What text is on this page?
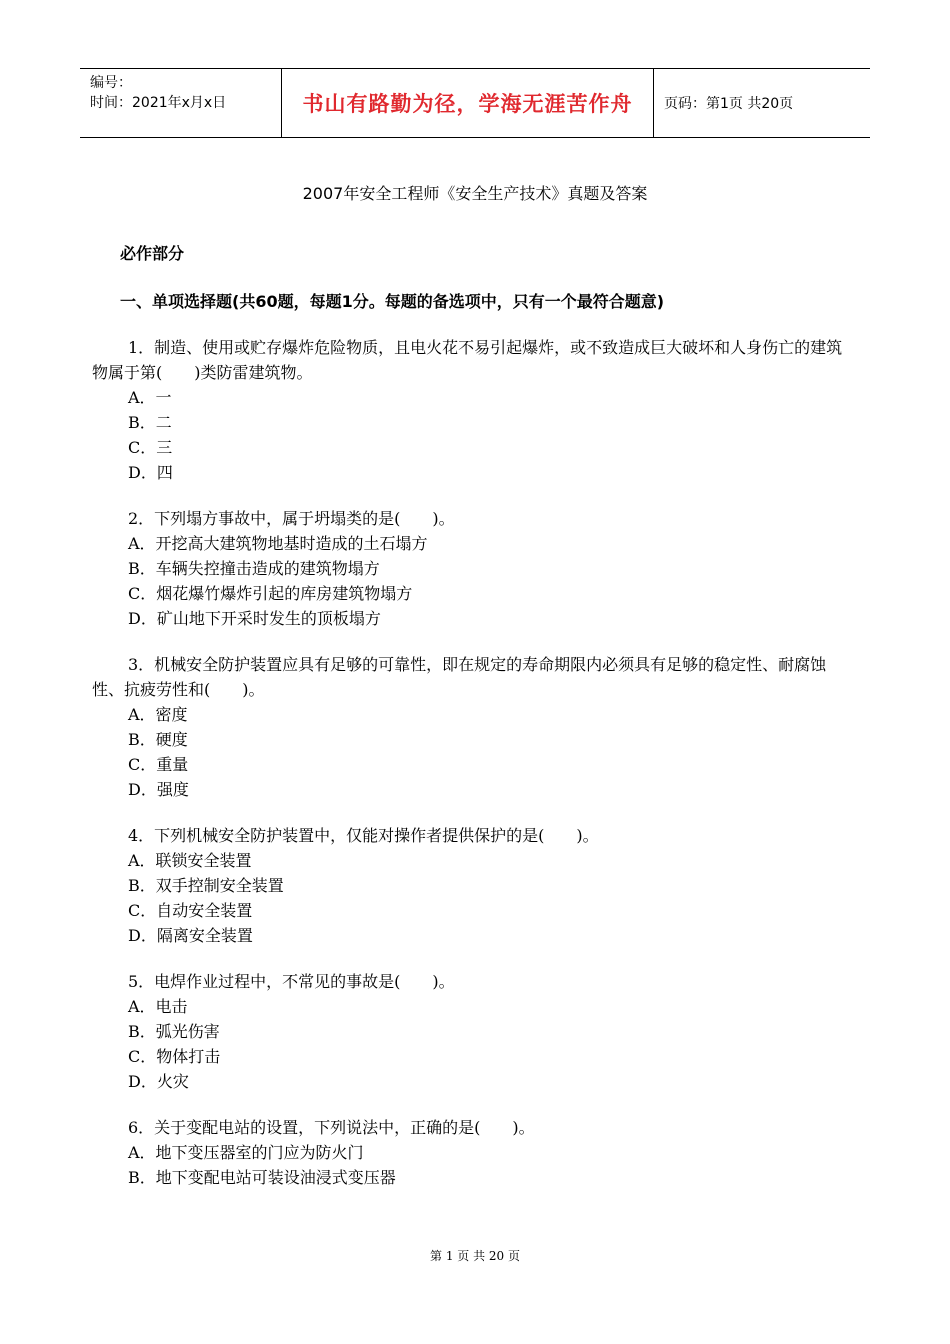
编号：
时间：2021年x月x日	书山有路勤为径，学海无涯苦作舟	页码：第1页 共20页
2007年安全工程师《安全生产技术》真题及答案
必作部分
一、单项选择题(共60题，每题1分。每题的备选项中，只有一个最符合题意)
1．制造、使用或贮存爆炸危险物质，且电火花不易引起爆炸，或不致造成巨大破坏和人身伤亡的建筑物属于第(　　)类防雷建筑物。
A．一
B．二
C．三
D．四
2．下列塌方事故中，属于坍塌类的是(　　)。
A．开挖高大建筑物地基时造成的土石塌方
B．车辆失控撞击造成的建筑物塌方
C．烟花爆竹爆炸引起的库房建筑物塌方
D．矿山地下开采时发生的顶板塌方
3．机械安全防护装置应具有足够的可靠性，即在规定的寿命期限内必须具有足够的稳定性、耐腐蚀性、抗疲劳性和(　　)。
A．密度
B．硬度
C．重量
D．强度
4．下列机械安全防护装置中，仅能对操作者提供保护的是(　　)。
A．联锁安全装置
B．双手控制安全装置
C．自动安全装置
D．隔离安全装置
5．电焊作业过程中，不常见的事故是(　　)。
A．电击
B．弧光伤害
C．物体打击
D．火灾
6．关于变配电站的设置，下列说法中，正确的是(　　)。
A．地下变压器室的门应为防火门
B．地下变配电站可装设油浸式变压器
第 1 页 共 20 页
